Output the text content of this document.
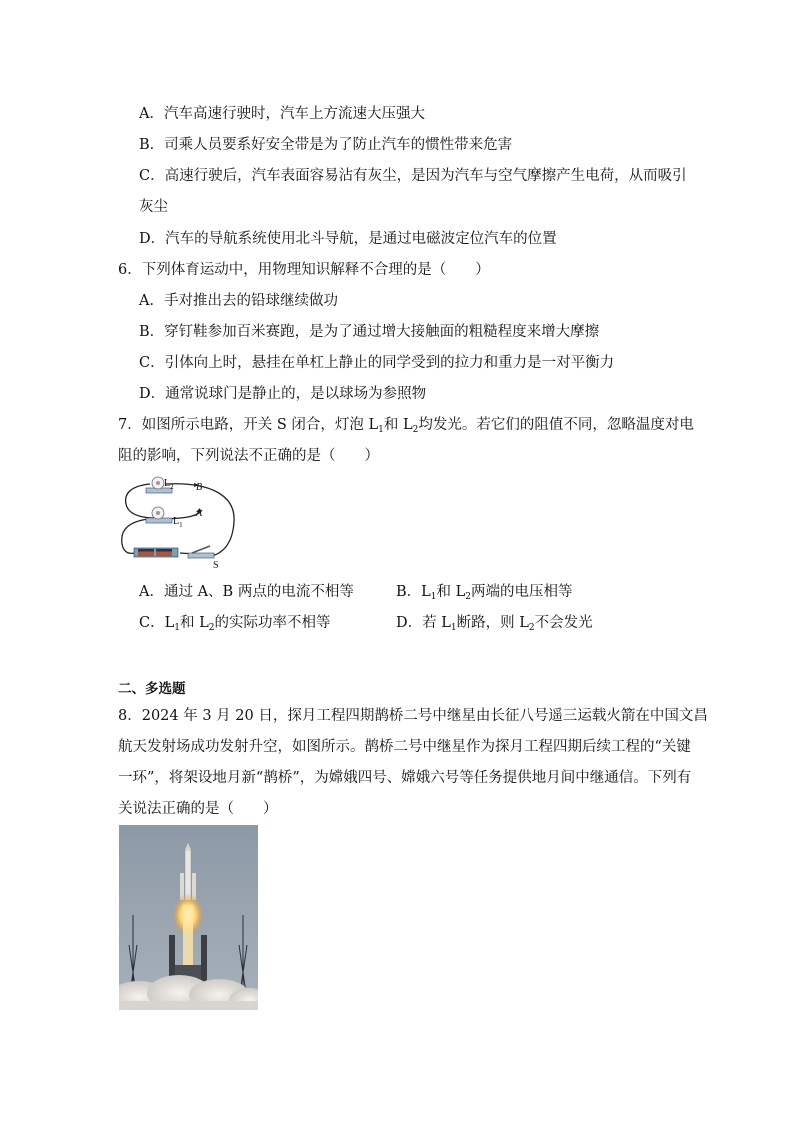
A．汽车高速行驶时，汽车上方流速大压强大
B．司乘人员要系好安全带是为了防止汽车的惯性带来危害
C．高速行驶后，汽车表面容易沾有灰尘，是因为汽车与空气摩擦产生电荷，从而吸引
灰尘
D．汽车的导航系统使用北斗导航，是通过电磁波定位汽车的位置
6．下列体育运动中，用物理知识解释不合理的是（　　）
A．手对推出去的铅球继续做功
B．穿钉鞋参加百米赛跑，是为了通过增大接触面的粗糙程度来增大摩擦
C．引体向上时，悬挂在单杠上静止的同学受到的拉力和重力是一对平衡力
D．通常说球门是静止的，是以球场为参照物
7．如图所示电路，开关 S 闭合，灯泡 $L_1$和 $L_2$均发光。若它们的阻值不同，忽略温度对电
阻的影响，下列说法不正确的是（　　）
$L_2$ B
$L_1$
A
S
A．通过 A、B 两点的电流不相等	B．$L_1$和 $L_2$两端的电压相等
C．$L_1$和 $L_2$的实际功率不相等	D．若 $L_1$断路，则 $L_2$不会发光
二、多选题
8．2024 年 3 月 20 日，探月工程四期鹊桥二号中继星由长征八号遥三运载火箭在中国文昌
航天发射场成功发射升空，如图所示。鹊桥二号中继星作为探月工程四期后续工程的“关键
一环”，将架设地月新“鹊桥”，为嫦娥四号、嫦娥六号等任务提供地月间中继通信。下列有
关说法正确的是（　　）
